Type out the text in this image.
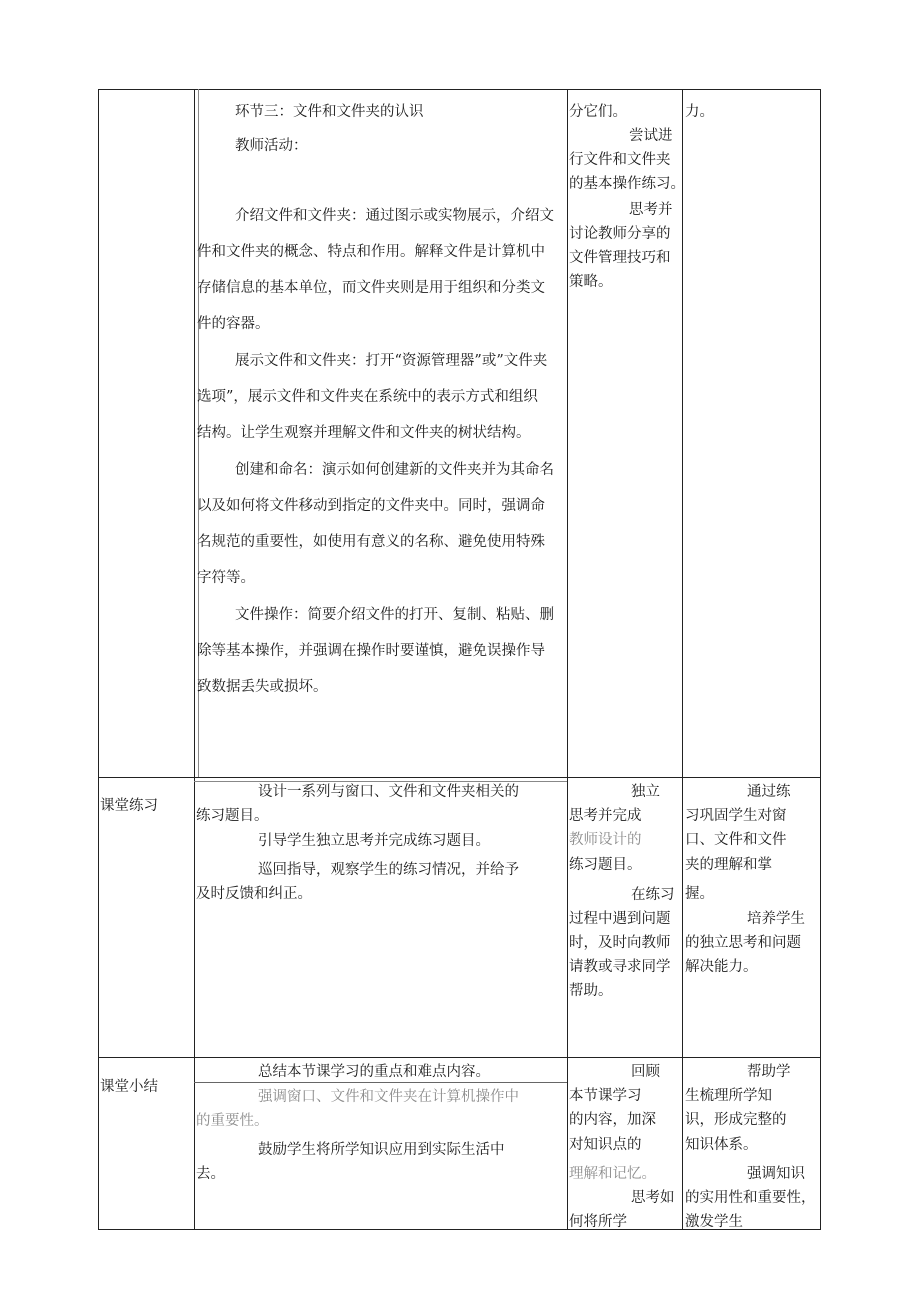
环节三：文件和文件夹的认识

教师活动：

介绍文件和文件夹：通过图示或实物展示，介绍文

件和文件夹的概念、特点和作用。解释文件是计算机中

存储信息的基本单位，而文件夹则是用于组织和分类文

件的容器。

展示文件和文件夹：打开“资源管理器”或”文件夹

选项”，展示文件和文件夹在系统中的表示方式和组织

结构。让学生观察并理解文件和文件夹的树状结构。

创建和命名：演示如何创建新的文件夹并为其命名

以及如何将文件移动到指定的文件夹中。同时，强调命

名规范的重要性，如使用有意义的名称、避免使用特殊

字符等。

文件操作：简要介绍文件的打开、复制、粘贴、删

除等基本操作，并强调在操作时要谨慎，避免误操作导

致数据丢失或损坏。

分它们。

尝试进

行文件和文件夹

的基本操作练习。

思考并

讨论教师分享的

文件管理技巧和

策略。

力。

课堂练习

设计一系列与窗口、文件和文件夹相关的

练习题目。

引导学生独立思考并完成练习题目。

巡回指导，观察学生的练习情况，并给予

及时反馈和纠正。

独立

思考并完成

教师设计的

练习题目。

在练习

过程中遇到问题

时，及时向教师

请教或寻求同学

帮助。

通过练

习巩固学生对窗

口、文件和文件

夹的理解和掌

握。

培养学生

的独立思考和问题

解决能力。

课堂小结

总结本节课学习的重点和难点内容。

强调窗口、文件和文件夹在计算机操作中

的重要性。

鼓励学生将所学知识应用到实际生活中

去。

回顾

本节课学习

的内容，加深

对知识点的

理解和记忆。

思考如

何将所学

帮助学

生梳理所学知

识，形成完整的

知识体系。

强调知识

的实用性和重要性，

激发学生
